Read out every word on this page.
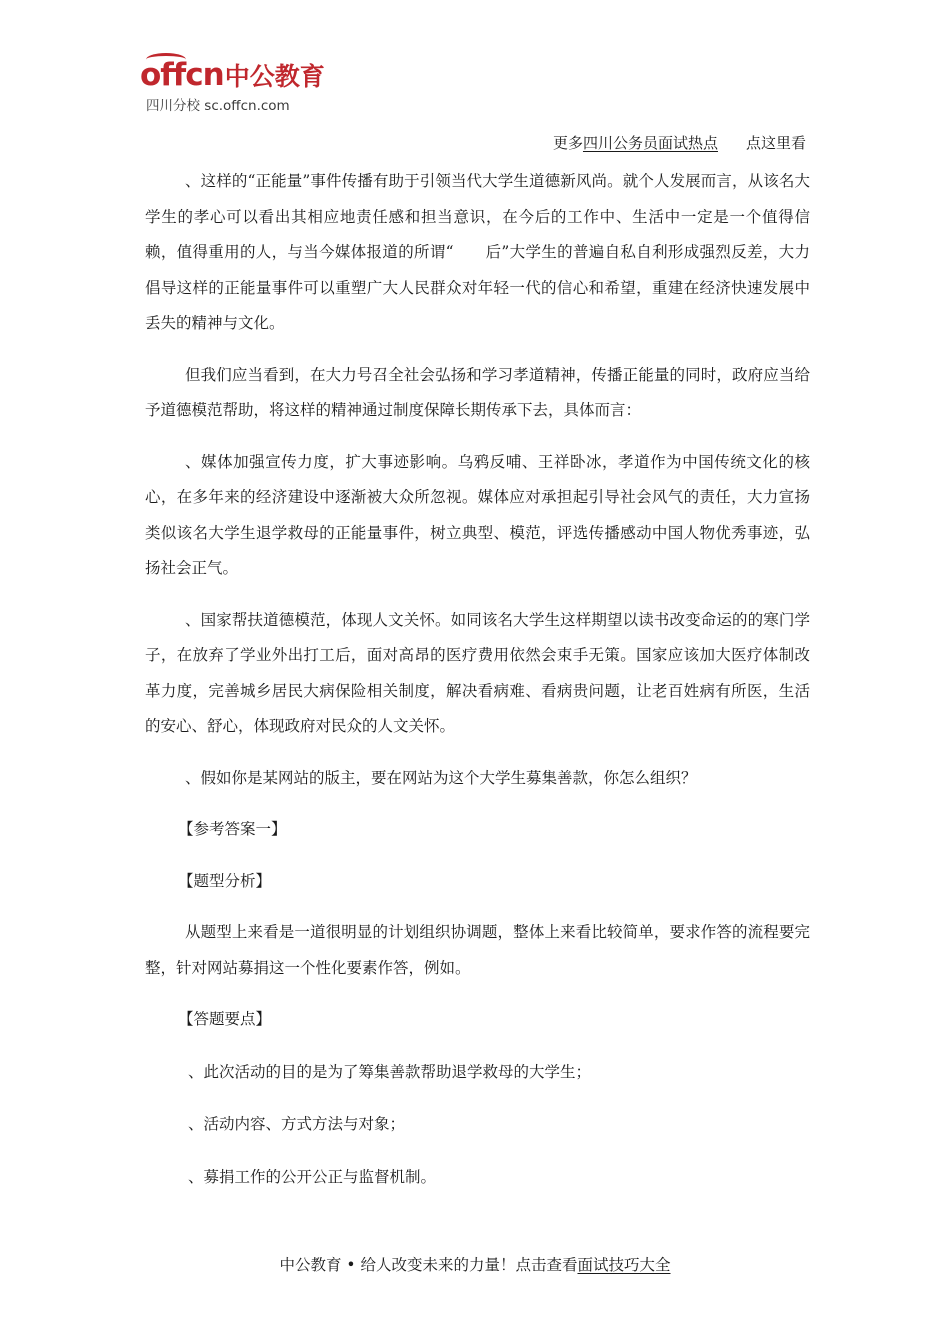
offcn 中公教育
四川分校 sc.offcn.com
更多四川公务员面试热点 点这里看

、这样的“正能量”事件传播有助于引领当代大学生道德新风尚。就个人发展而言，从该名大学生的孝心可以看出其相应地责任感和担当意识，在今后的工作中、生活中一定是一个值得信赖，值得重用的人，与当今媒体报道的所谓“　　后”大学生的普遍自私自利形成强烈反差，大力倡导这样的正能量事件可以重塑广大人民群众对年轻一代的信心和希望，重建在经济快速发展中丢失的精神与文化。

但我们应当看到，在大力号召全社会弘扬和学习孝道精神，传播正能量的同时，政府应当给予道德模范帮助，将这样的精神通过制度保障长期传承下去，具体而言：

、媒体加强宣传力度，扩大事迹影响。乌鸦反哺、王祥卧冰，孝道作为中国传统文化的核心，在多年来的经济建设中逐渐被大众所忽视。媒体应对承担起引导社会风气的责任，大力宣扬类似该名大学生退学救母的正能量事件，树立典型、模范，评选传播感动中国人物优秀事迹，弘扬社会正气。

、国家帮扶道德模范，体现人文关怀。如同该名大学生这样期望以读书改变命运的的寒门学子，在放弃了学业外出打工后，面对高昂的医疗费用依然会束手无策。国家应该加大医疗体制改革力度，完善城乡居民大病保险相关制度，解决看病难、看病贵问题，让老百姓病有所医，生活的安心、舒心，体现政府对民众的人文关怀。

、假如你是某网站的版主，要在网站为这个大学生募集善款，你怎么组织？

【参考答案一】

【题型分析】

从题型上来看是一道很明显的计划组织协调题，整体上来看比较简单，要求作答的流程要完整，针对网站募捐这一个性化要素作答，例如。

【答题要点】

、此次活动的目的是为了筹集善款帮助退学救母的大学生；

、活动内容、方式方法与对象；

、募捐工作的公开公正与监督机制。

中公教育 • 给人改变未来的力量！点击查看面试技巧大全
